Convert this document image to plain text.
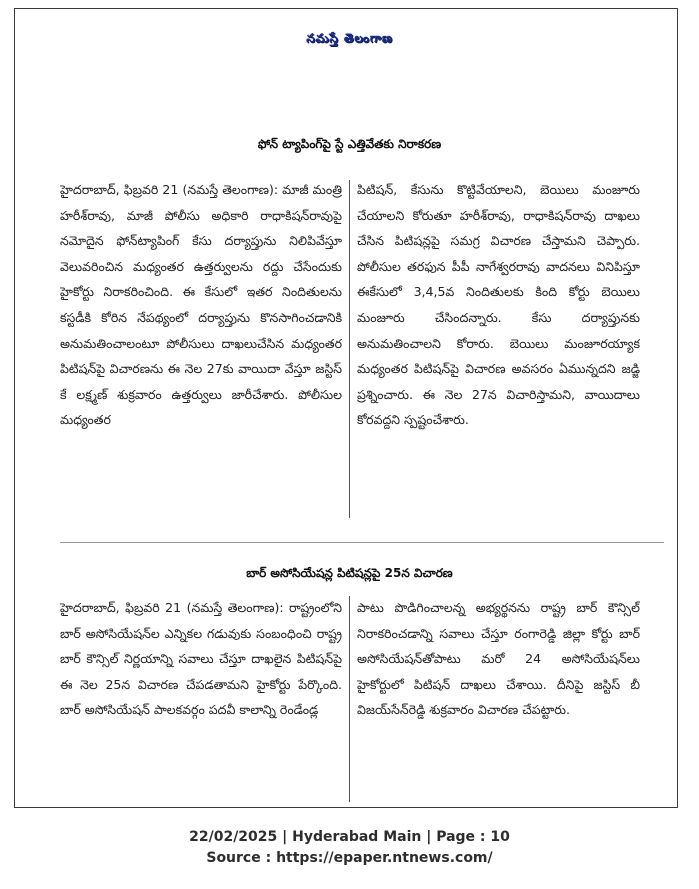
నమస్తే తెలంగాణ
ఫోన్‌ ట్యాపింగ్‌పై స్టే ఎత్తివేతకు నిరాకరణ

హైదరాబాద్‌, ఫిబ్రవరి 21 (నమస్తే తెలంగాణ): మాజీ మంత్రి హరీశ్‌రావు, మాజీ పోలీసు అధికారి రాధాకిషన్‌రావుపై నమోదైన ఫోన్‌ట్యాపింగ్‌ కేసు దర్యాప్తును నిలిపివేస్తూ వెలువరించిన మధ్యంతర ఉత్తర్వులను రద్దు చేసేందుకు హైకోర్టు నిరాకరించింది. ఈ కేసులో ఇతర నిందితులను కస్టడీకి కోరిన నేపథ్యంలో దర్యాప్తును కొనసాగించడానికి అనుమతించాలంటూ పోలీసులు దాఖలుచేసిన మధ్యంతర పిటిషన్‌పై విచారణను ఈ నెల 27కు వాయిదా వేస్తూ జస్టిస్‌ కే లక్ష్మణ్‌ శుక్రవారం ఉత్తర్వులు జారీచేశారు. పోలీసుల మధ్యంతర

పిటిషన్‌, కేసును కొట్టివేయాలని, బెయిలు మంజూరు చేయాలని కోరుతూ హరీశ్‌రావు, రాధాకిషన్‌రావు దాఖలు చేసిన పిటిషన్లపై సమగ్ర విచారణ చేస్తామని చెప్పారు. పోలీసుల తరఫున పీపీ నాగేశ్వరరావు వాదనలు వినిపిస్తూ ఈకేసులో 3,4,5వ నిందితులకు కింది కోర్టు బెయిలు మంజూరు చేసిందన్నారు. కేసు దర్యాప్తునకు అనుమతించాలని కోరారు. బెయిలు మంజూరయ్యాక మధ్యంతర పిటిషన్‌పై విచారణ అవసరం ఏమున్నదని జడ్జి ప్రశ్నించారు. ఈ నెల 27న విచారిస్తామని, వాయిదాలు కోరవద్దని స్పష్టంచేశారు.

బార్‌ అసోసియేషన్ల పిటిషన్లపై 25న విచారణ

హైదరాబాద్‌, ఫిబ్రవరి 21 (నమస్తే తెలంగాణ): రాష్ట్రంలోని బార్‌ అసోసియేషన్‌ల ఎన్నికల గడువుకు సంబంధించి రాష్ట్ర బార్‌ కౌన్సిల్‌ నిర్ణయాన్ని సవాలు చేస్తూ దాఖలైన పిటిషన్‌పై ఈ నెల 25న విచారణ చేపడతామని హైకోర్టు పేర్కొంది. బార్‌ అసోసియేషన్‌ పాలకవర్గం పదవీ కాలాన్ని రెండేండ్ల

పాటు పొడిగించాలన్న అభ్యర్థనను రాష్ట్ర బార్‌ కౌన్సిల్‌ నిరాకరించడాన్ని సవాలు చేస్తూ రంగారెడ్డి జిల్లా కోర్టు బార్‌ అసోసియేషన్‌తోపాటు మరో 24 అసోసియేషన్‌లు హైకోర్టులో పిటిషన్‌ దాఖలు చేశాయి. దీనిపై జస్టిస్‌ బీ విజయ్‌సేన్‌రెడ్డి శుక్రవారం విచారణ చేపట్టారు.

22/02/2025 | Hyderabad Main | Page : 10
Source : https://epaper.ntnews.com/
